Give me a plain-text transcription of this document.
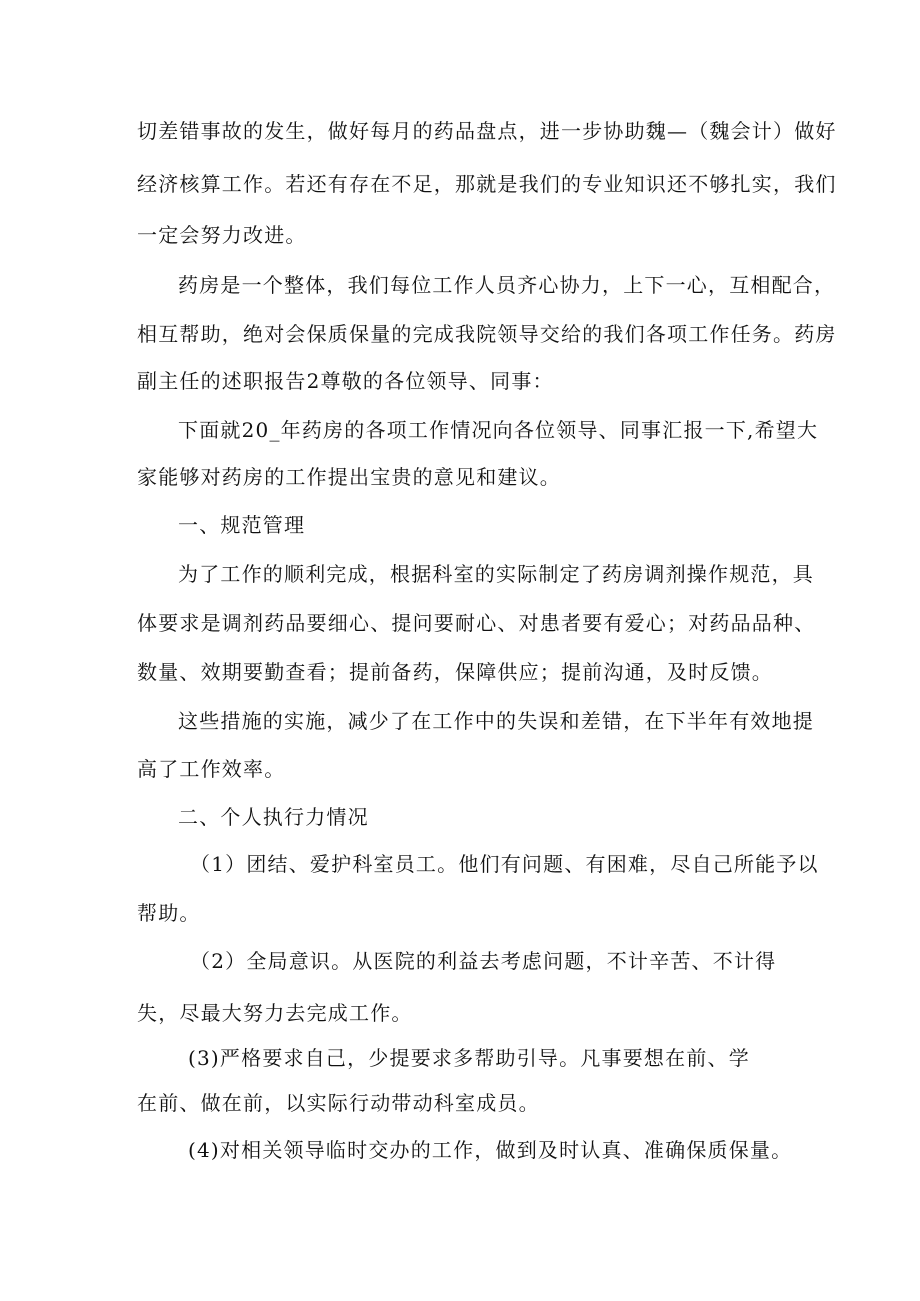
切差错事故的发生，做好每月的药品盘点，进一步协助魏—（魏会计）做好
经济核算工作。若还有存在不足，那就是我们的专业知识还不够扎实，我们
一定会努力改进。
药房是一个整体，我们每位工作人员齐心协力，上下一心，互相配合，
相互帮助，绝对会保质保量的完成我院领导交给的我们各项工作任务。药房
副主任的述职报告2尊敬的各位领导、同事：
下面就20_年药房的各项工作情况向各位领导、同事汇报一下,希望大
家能够对药房的工作提出宝贵的意见和建议。
一、规范管理
为了工作的顺利完成，根据科室的实际制定了药房调剂操作规范，具
体要求是调剂药品要细心、提问要耐心、对患者要有爱心；对药品品种、
数量、效期要勤查看；提前备药，保障供应；提前沟通，及时反馈。
这些措施的实施，减少了在工作中的失误和差错，在下半年有效地提
高了工作效率。
二、个人执行力情况
（1）团结、爱护科室员工。他们有问题、有困难，尽自己所能予以
帮助。
（2）全局意识。从医院的利益去考虑问题，不计辛苦、不计得
失，尽最大努力去完成工作。
(3)严格要求自己，少提要求多帮助引导。凡事要想在前、学
在前、做在前，以实际行动带动科室成员。
(4)对相关领导临时交办的工作，做到及时认真、准确保质保量。
